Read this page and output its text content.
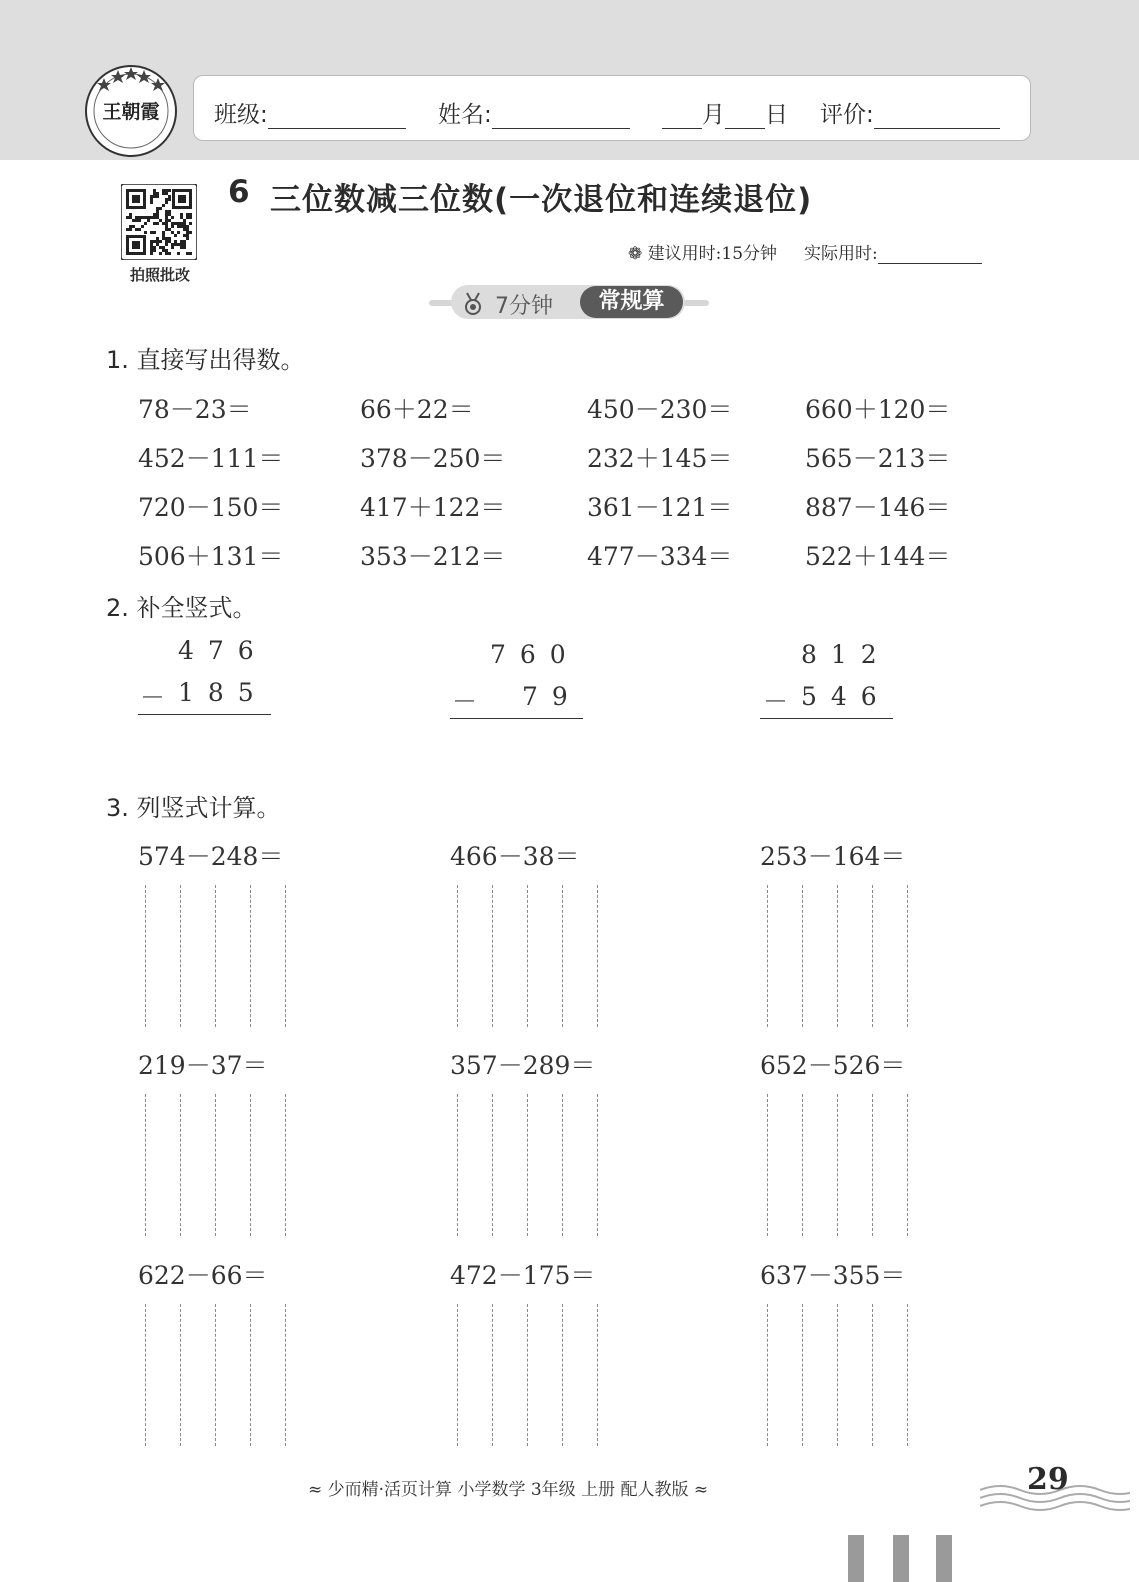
王朝霞 班级:	姓名:	月 日 评价:
拍照批改
6 三位数减三位数(一次退位和连续退位)
❁ 建议用时:15分钟 实际用时:
7分钟	常规算
1. 直接写出得数。
78－23＝	66＋22＝	450－230＝	660＋120＝
452－111＝	378－250＝	232＋145＝	565－213＝
720－150＝	417＋122＝	361－121＝	887－146＝
506＋131＝	353－212＝	477－334＝	522＋144＝
2. 补全竖式。
476
－
185
760
－ 79
812
－
546
3. 列竖式计算。
574－248＝	466－38＝	253－164＝
219－37＝	357－289＝	652－526＝
622－66＝	472－175＝	637－355＝
≈ 少而精·活页计算 小学数学 3年级 上册 配人教版 ≈	29
